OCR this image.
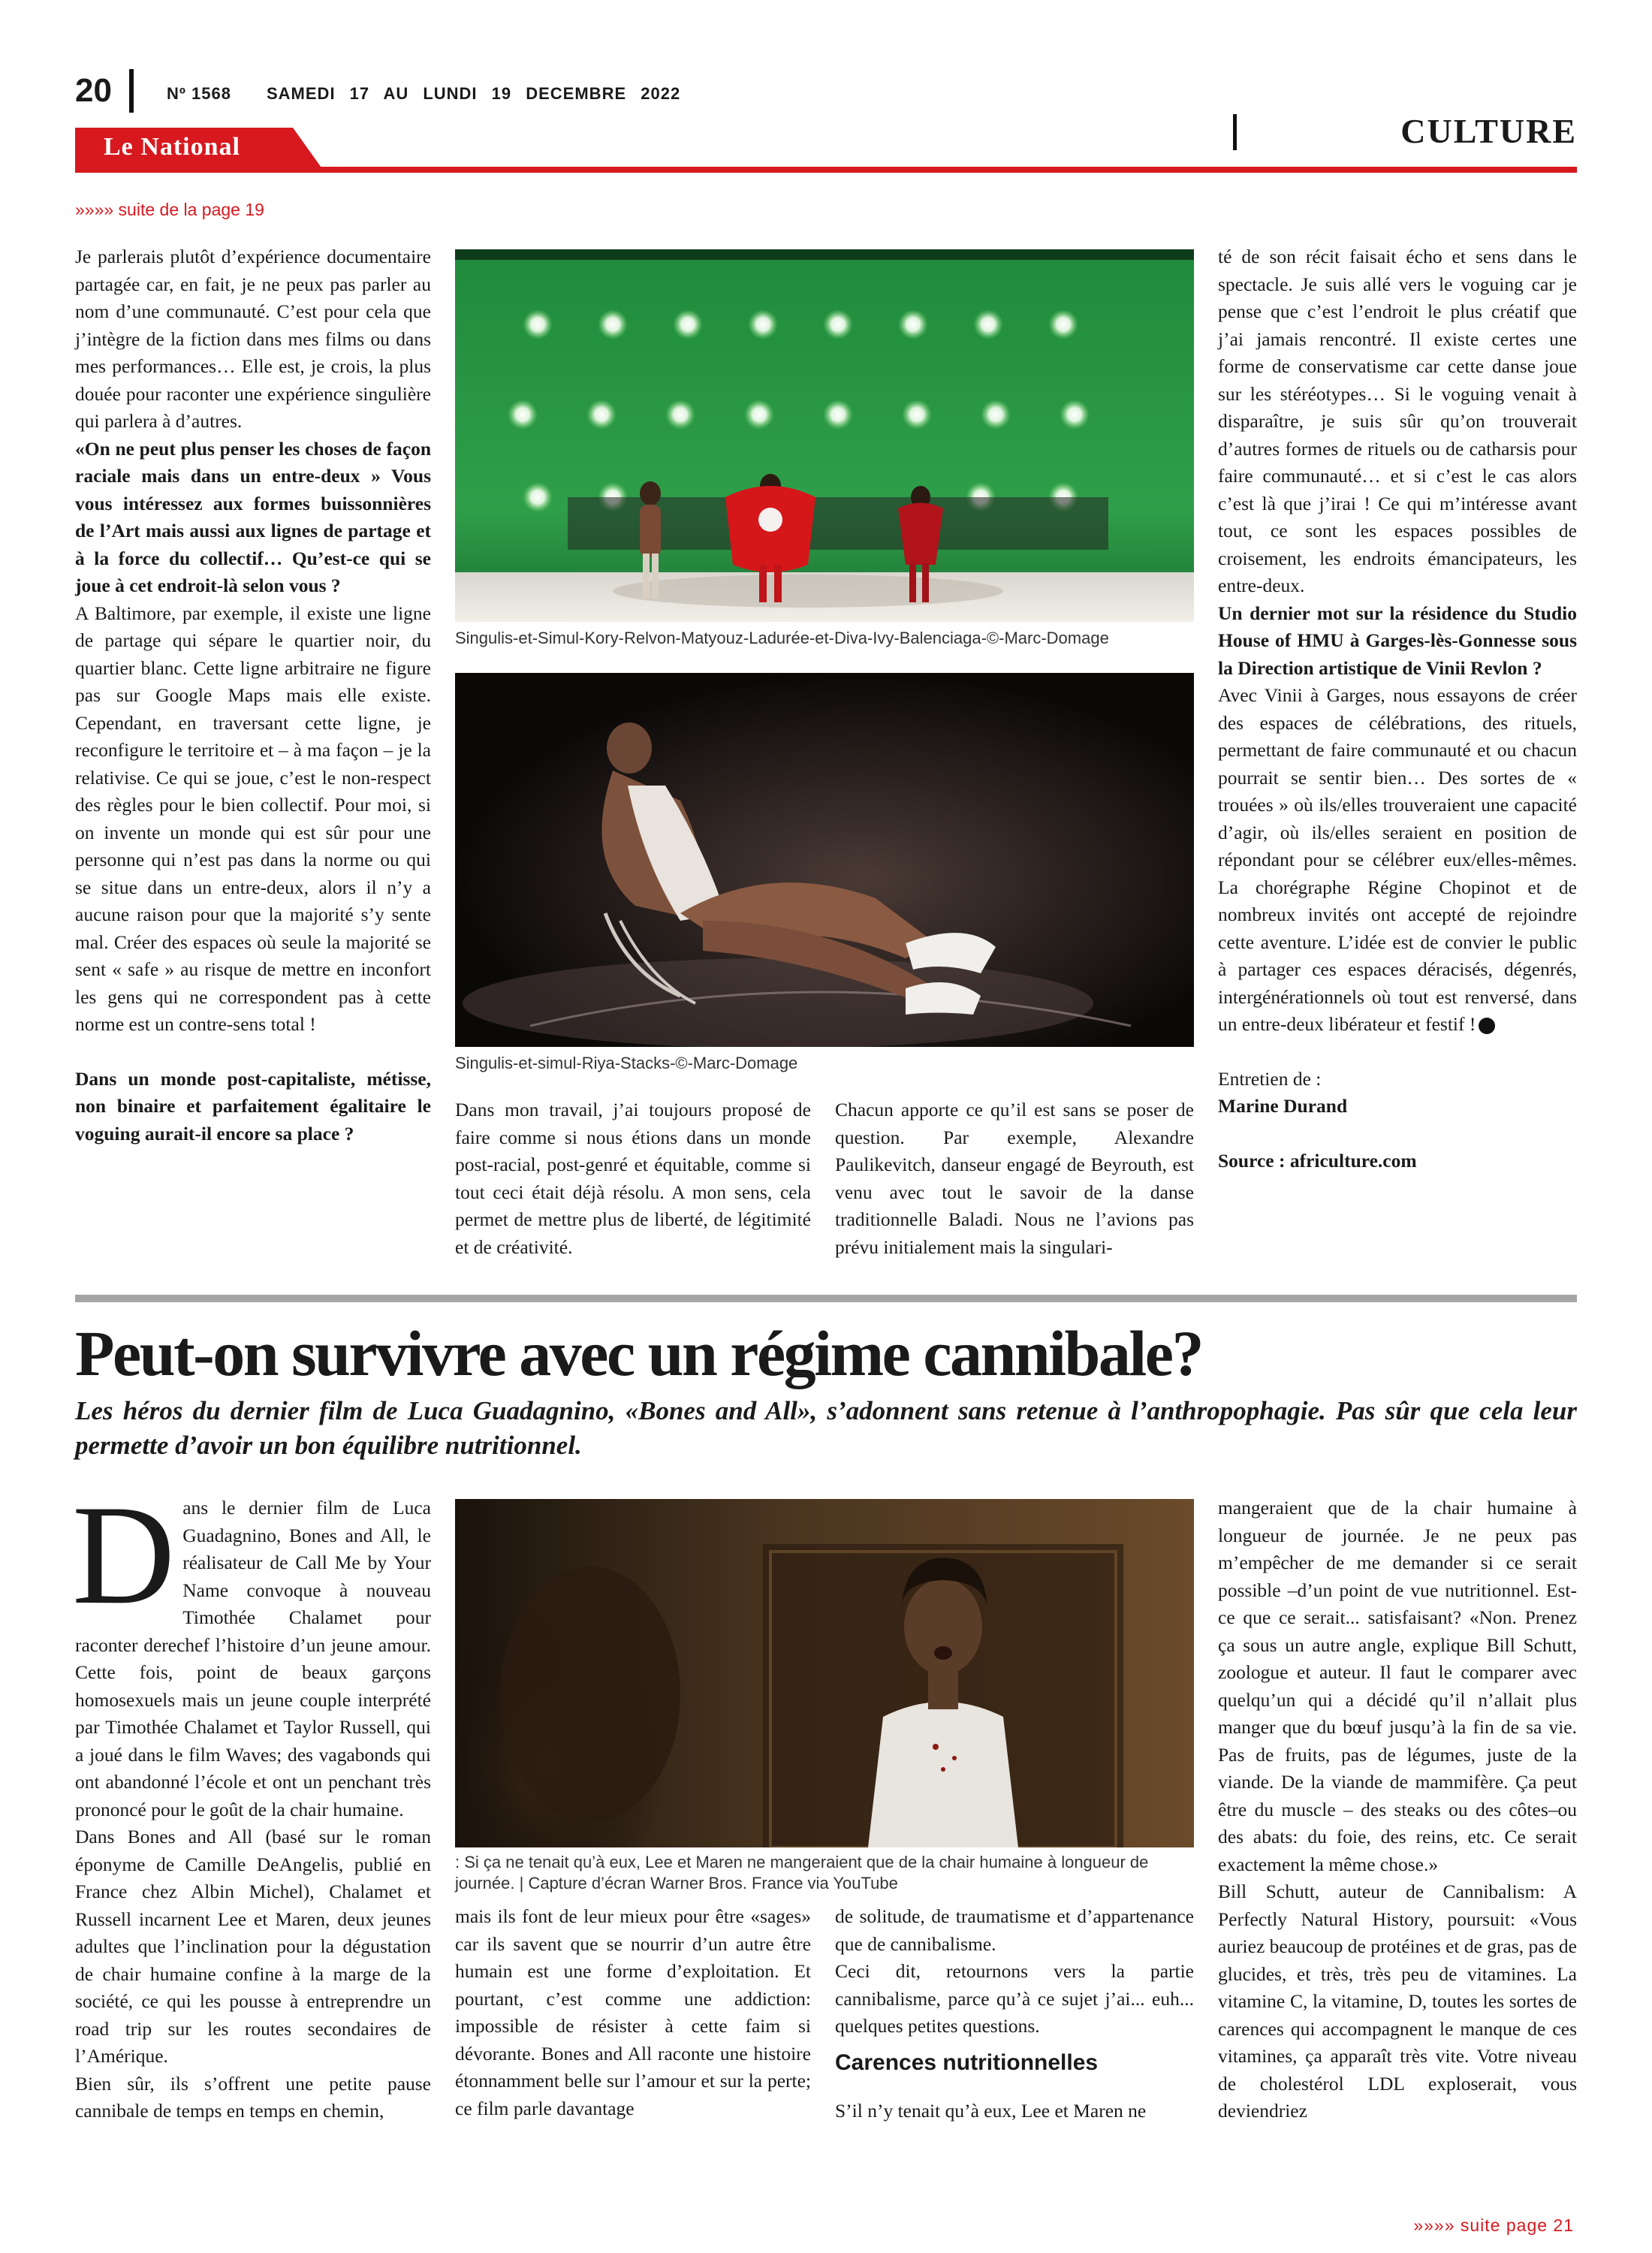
20	Nº 1568 SAMEDI 17 AU LUNDI 19 DECEMBRE 2022
Le National	CULTURE
»»»» suite de la page 19

Je parlerais plutôt d’expérience documentaire partagée car, en fait, je ne peux pas parler au nom d’une communauté. C’est pour cela que j’intègre de la fiction dans mes films ou dans mes performances… Elle est, je crois, la plus douée pour raconter une expérience singulière qui parlera à d’autres.

«On ne peut plus penser les choses de façon raciale mais dans un entre-deux » Vous vous intéressez aux formes buissonnières de l’Art mais aussi aux lignes de partage et à la force du collectif… Qu’est-ce qui se joue à cet endroit-là selon vous ?

A Baltimore, par exemple, il existe une ligne de partage qui sépare le quartier noir, du quartier blanc. Cette ligne arbitraire ne figure pas sur Google Maps mais elle existe. Cependant, en traversant cette ligne, je reconfigure le territoire et – à ma façon – je la relativise. Ce qui se joue, c’est le non-respect des règles pour le bien collectif. Pour moi, si on invente un monde qui est sûr pour une personne qui n’est pas dans la norme ou qui se situe dans un entre-deux, alors il n’y a aucune raison pour que la majorité s’y sente mal. Créer des espaces où seule la majorité se sent « safe » au risque de mettre en inconfort les gens qui ne correspondent pas à cette norme est un contre-sens total !

Dans un monde post-capitaliste, métisse, non binaire et parfaitement égalitaire le voguing aurait-il encore sa place ?

Singulis-et-Simul-Kory-Relvon-Matyouz-Ladurée-et-Diva-Ivy-Balenciaga-©-Marc-Domage
Singulis-et-simul-Riya-Stacks-©-Marc-Domage

Dans mon travail, j’ai toujours proposé de faire comme si nous étions dans un monde post-racial, post-genré et équitable, comme si tout ceci était déjà résolu. A mon sens, cela permet de mettre plus de liberté, de légitimité et de créativité.

Chacun apporte ce qu’il est sans se poser de question. Par exemple, Alexandre Paulikevitch, danseur engagé de Beyrouth, est venu avec tout le savoir de la danse traditionnelle Baladi. Nous ne l’avions pas prévu initialement mais la singulari-

té de son récit faisait écho et sens dans le spectacle. Je suis allé vers le voguing car je pense que c’est l’endroit le plus créatif que j’ai jamais rencontré. Il existe certes une forme de conservatisme car cette danse joue sur les stéréotypes… Si le voguing venait à disparaître, je suis sûr qu’on trouverait d’autres formes de rituels ou de catharsis pour faire communauté… et si c’est le cas alors c’est là que j’irai ! Ce qui m’intéresse avant tout, ce sont les espaces possibles de croisement, les endroits émancipateurs, les entre-deux.

Un dernier mot sur la résidence du Studio House of HMU à Garges-lès-Gonnesse sous la Direction artistique de Vinii Revlon ?

Avec Vinii à Garges, nous essayons de créer des espaces de célébrations, des rituels, permettant de faire communauté et ou chacun pourrait se sentir bien… Des sortes de « trouées » où ils/elles trouveraient une capacité d’agir, où ils/elles seraient en position de répondant pour se célébrer eux/elles-mêmes. La chorégraphe Régine Chopinot et de nombreux invités ont accepté de rejoindre cette aventure. L’idée est de convier le public à partager ces espaces déracisés, dégenrés, intergénérationnels où tout est renversé, dans un entre-deux libérateur et festif !

Entretien de :

Marine Durand

Source : africulture.com

Peut-on survivre avec un régime cannibale?
Les héros du dernier film de Luca Guadagnino, «Bones and All», s’adonnent sans retenue à l’anthropophagie. Pas sûr que cela leur permette d’avoir un bon équilibre nutritionnel.

Dans le dernier film de Luca Guadagnino, Bones and All, le réalisateur de Call Me by Your Name convoque à nouveau Timothée Chalamet pour raconter derechef l’histoire d’un jeune amour. Cette fois, point de beaux garçons homosexuels mais un jeune couple interprété par Timothée Chalamet et Taylor Russell, qui a joué dans le film Waves; des vagabonds qui ont abandonné l’école et ont un penchant très prononcé pour le goût de la chair humaine.

Dans Bones and All (basé sur le roman éponyme de Camille DeAngelis, publié en France chez Albin Michel), Chalamet et Russell incarnent Lee et Maren, deux jeunes adultes que l’inclination pour la dégustation de chair humaine confine à la marge de la société, ce qui les pousse à entreprendre un road trip sur les routes secondaires de l’Amérique.

Bien sûr, ils s’offrent une petite pause cannibale de temps en temps en chemin,

: Si ça ne tenait qu’à eux, Lee et Maren ne mangeraient que de la chair humaine à longueur de journée. | Capture d’écran Warner Bros. France via YouTube

mais ils font de leur mieux pour être «sages» car ils savent que se nourrir d’un autre être humain est une forme d’exploitation. Et pourtant, c’est comme une addiction: impossible de résister à cette faim si dévorante. Bones and All raconte une histoire étonnamment belle sur l’amour et sur la perte; ce film parle davantage

de solitude, de traumatisme et d’appartenance que de cannibalisme.

Ceci dit, retournons vers la partie cannibalisme, parce qu’à ce sujet j’ai... euh... quelques petites questions.

Carences nutritionnelles

S’il n’y tenait qu’à eux, Lee et Maren ne

mangeraient que de la chair humaine à longueur de journée. Je ne peux pas m’empêcher de me demander si ce serait possible –d’un point de vue nutritionnel. Est-ce que ce serait... satisfaisant? «Non. Prenez ça sous un autre angle, explique Bill Schutt, zoologue et auteur. Il faut le comparer avec quelqu’un qui a décidé qu’il n’allait plus manger que du bœuf jusqu’à la fin de sa vie. Pas de fruits, pas de légumes, juste de la viande. De la viande de mammifère. Ça peut être du muscle – des steaks ou des côtes–ou des abats: du foie, des reins, etc. Ce serait exactement la même chose.»

Bill Schutt, auteur de Cannibalism: A Perfectly Natural History, poursuit: «Vous auriez beaucoup de protéines et de gras, pas de glucides, et très, très peu de vitamines. La vitamine C, la vitamine, D, toutes les sortes de carences qui accompagnent le manque de ces vitamines, ça apparaît très vite. Votre niveau de cholestérol LDL exploserait, vous deviendriez

»»»» suite page 21
